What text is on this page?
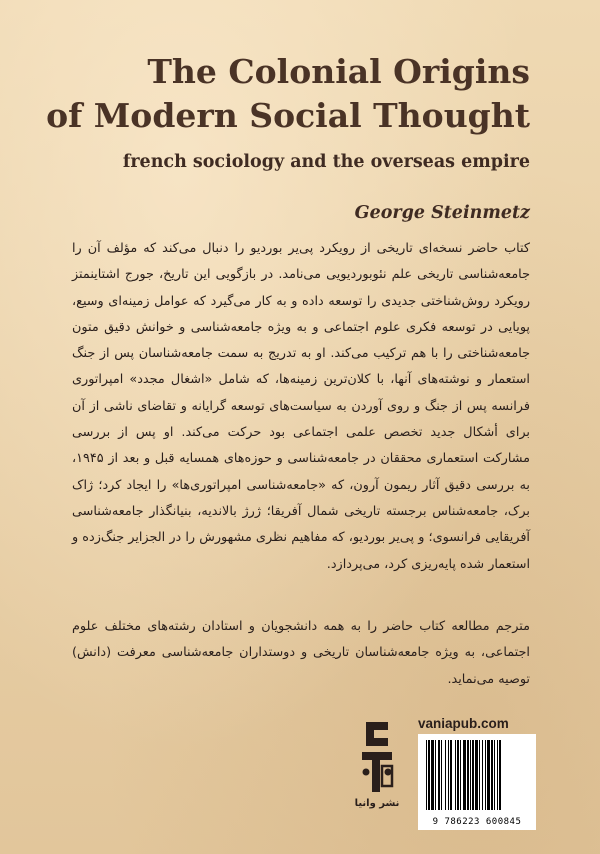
The Colonial Origins
of Modern Social Thought

french sociology and the overseas empire

George Steinmetz

کتاب حاضر نسخه‌ای تاریخی از رویکرد پی‌یر بوردیو را دنبال می‌کند که مؤلف آن را جامعه‌شناسی تاریخی علم نئوبوردیویی می‌نامد. در بازگویی این تاریخ، جورج اشتاینمتز رویکرد روش‌شناختی جدیدی را توسعه داده و به کار می‌گیرد که عوامل زمینه‌ای وسیع، پویایی در توسعه فکری علوم اجتماعی و به ویژه جامعه‌شناسی و خوانش دقیق متون جامعه‌شناختی را با هم ترکیب می‌کند. او به تدریج به سمت جامعه‌شناسان پس از جنگ استعمار و نوشته‌های آنها، با کلان‌ترین زمینه‌ها، که شامل «اشغال مجدد» امپراتوری فرانسه پس از جنگ و روی آوردن به سیاست‌های توسعه گرایانه و تقاضای ناشی از آن برای أشکال جدید تخصص علمی اجتماعی بود حرکت می‌کند. او پس از بررسی مشارکت استعماری محققان در جامعه‌شناسی و حوزه‌های همسایه قبل و بعد از ۱۹۴۵، به بررسی دقیق آثار ریمون آرون، که «جامعه‌شناسی امپراتوری‌ها» را ایجاد کرد؛ ژاک برک، جامعه‌شناس برجسته تاریخی شمال آفریقا؛ ژرژ بالاندیه، بنیانگذار جامعه‌شناسی آفریقایی فرانسوی؛ و پی‌یر بوردیو، که مفاهیم نظری مشهورش را در الجزایر جنگ‌زده و استعمار شده پایه‌ریزی کرد، می‌پردازد.

مترجم مطالعه کتاب حاضر را به همه دانشجویان و استادان رشته‌های مختلف علوم اجتماعی، به ویژه جامعه‌شناسان تاریخی و دوستداران جامعه‌شناسی معرفت (دانش) توصیه می‌نماید.

نشر وانیا
vaniapub.com
9 786223 600845
